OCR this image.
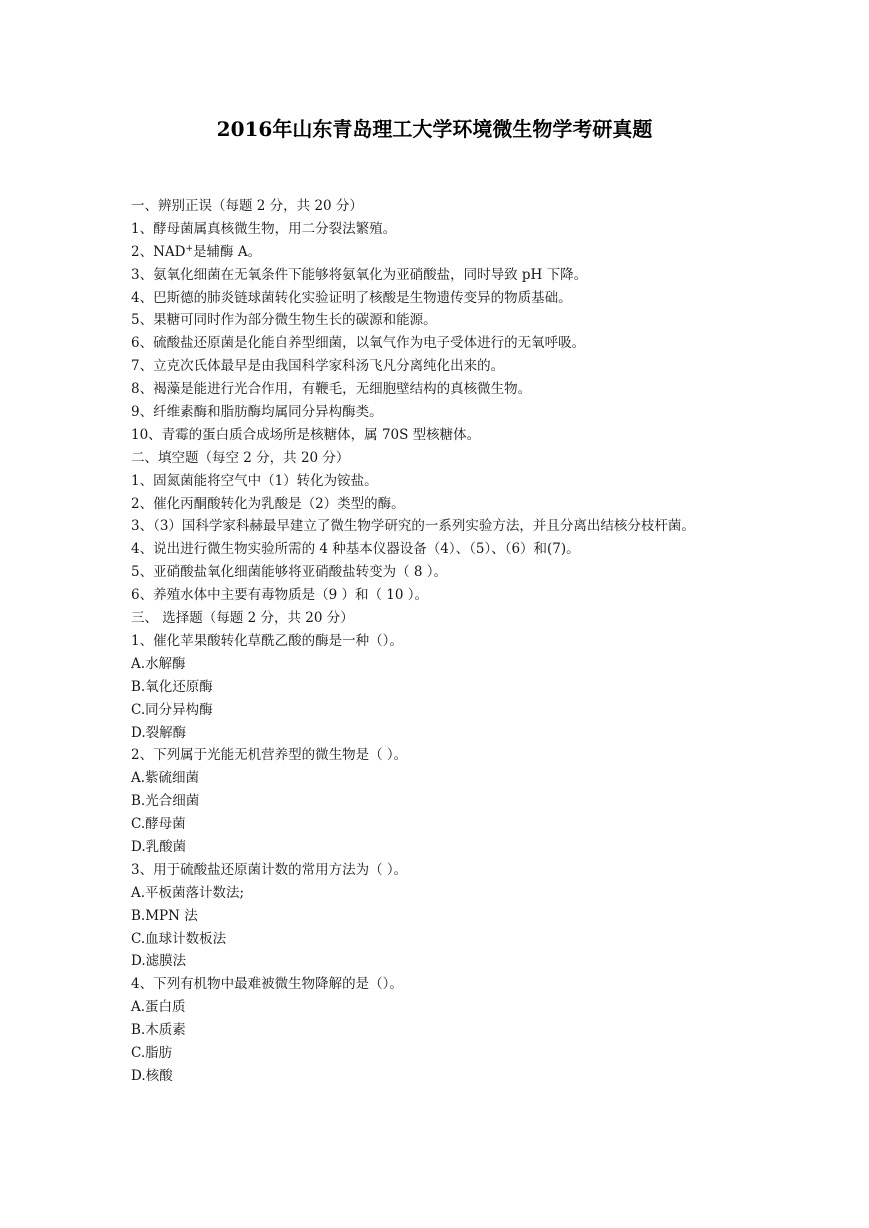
2016年山东青岛理工大学环境微生物学考研真题
一、辨别正误（每题 2 分，共 20 分）
1、酵母菌属真核微生物，用二分裂法繁殖。
2、NAD+是辅酶 A。
3、氨氧化细菌在无氧条件下能够将氨氧化为亚硝酸盐，同时导致 pH 下降。
4、巴斯德的肺炎链球菌转化实验证明了核酸是生物遗传变异的物质基础。
5、果糖可同时作为部分微生物生长的碳源和能源。
6、硫酸盐还原菌是化能自养型细菌，以氧气作为电子受体进行的无氧呼吸。
7、立克次氏体最早是由我国科学家科汤飞凡分离纯化出来的。
8、褐藻是能进行光合作用，有鞭毛，无细胞壁结构的真核微生物。
9、纤维素酶和脂肪酶均属同分异构酶类。
10、青霉的蛋白质合成场所是核糖体，属 70S 型核糖体。
二、填空题（每空 2 分，共 20 分）
1、固氮菌能将空气中（1）转化为铵盐。
2、催化丙酮酸转化为乳酸是（2）类型的酶。
3、（3）国科学家科赫最早建立了微生物学研究的一系列实验方法，并且分离出结核分枝杆菌。
4、说出进行微生物实验所需的 4 种基本仪器设备（4）、（5）、（6）和(7)。
5、亚硝酸盐氧化细菌能够将亚硝酸盐转变为（ 8 ）。
6、养殖水体中主要有毒物质是（9 ）和（ 10 ）。
三、 选择题（每题 2 分，共 20 分）
1、催化苹果酸转化草酰乙酸的酶是一种（）。
A.水解酶
B.氧化还原酶
C.同分异构酶
D.裂解酶
2、下列属于光能无机营养型的微生物是（ ）。
A.紫硫细菌
B.光合细菌
C.酵母菌
D.乳酸菌
3、用于硫酸盐还原菌计数的常用方法为（ ）。
A.平板菌落计数法;
B.MPN 法
C.血球计数板法
D.滤膜法
4、下列有机物中最难被微生物降解的是（）。
A.蛋白质
B.木质素
C.脂肪
D.核酸
